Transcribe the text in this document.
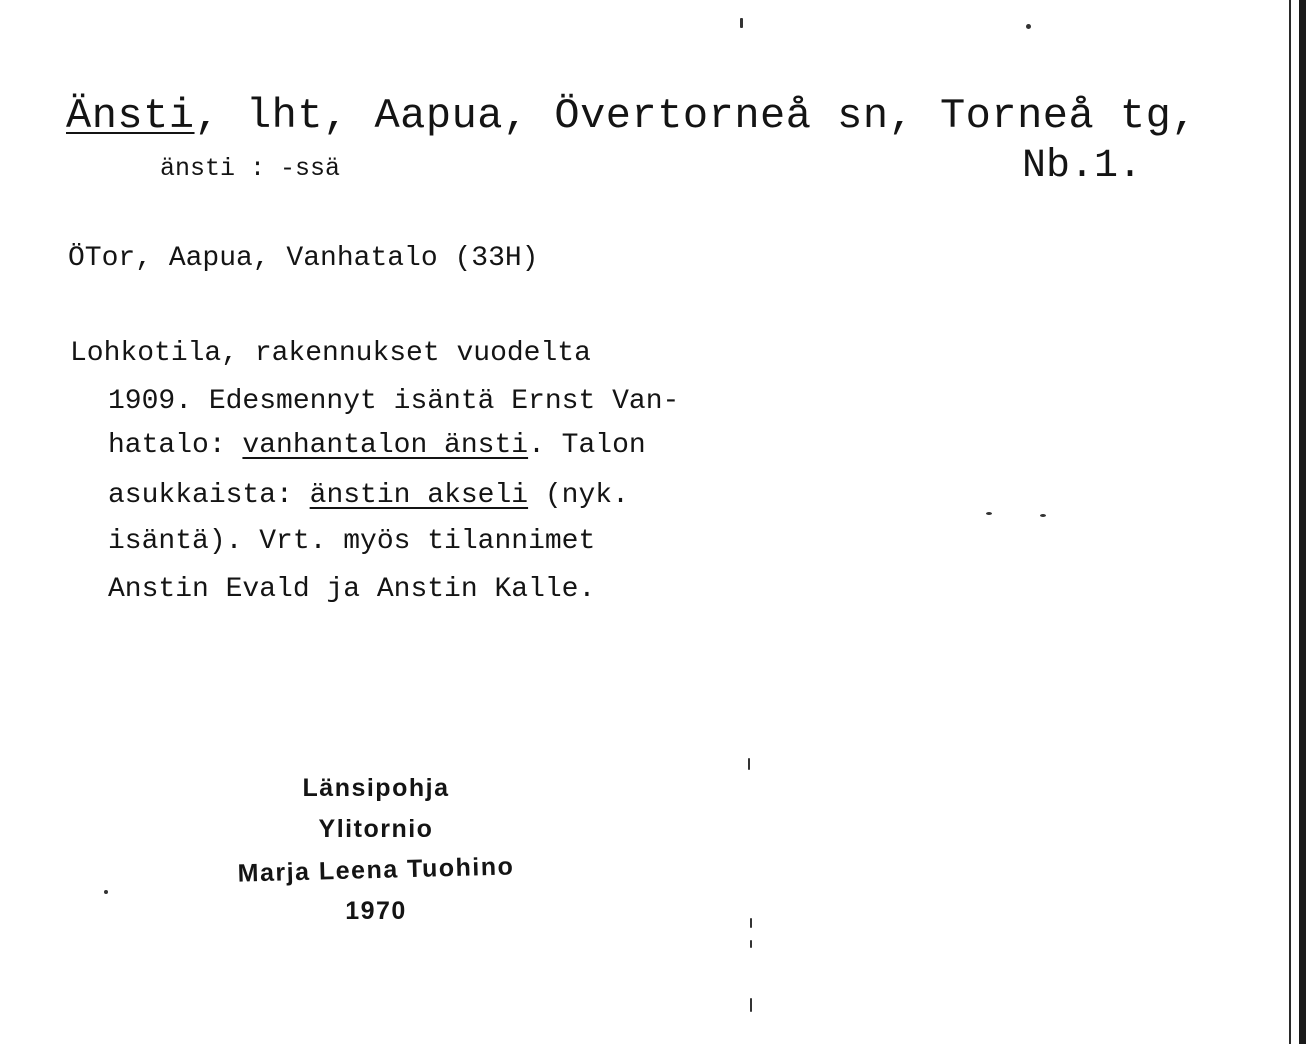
Änsti, lht, Aapua, Övertorneå sn, Torneå tg,
änsti : -ssä	Nb.1.
ÖTor, Aapua, Vanhatalo (33H)
Lohkotila, rakennukset vuodelta
1909. Edesmennyt isäntä Ernst Van-
hatalo: vanhantalon änsti. Talon
asukkaista: änstin akseli (nyk.
isäntä). Vrt. myös tilannimet
Anstin Evald ja Anstin Kalle.
Länsipohja
Ylitornio
Marja Leena Tuohino
1970
